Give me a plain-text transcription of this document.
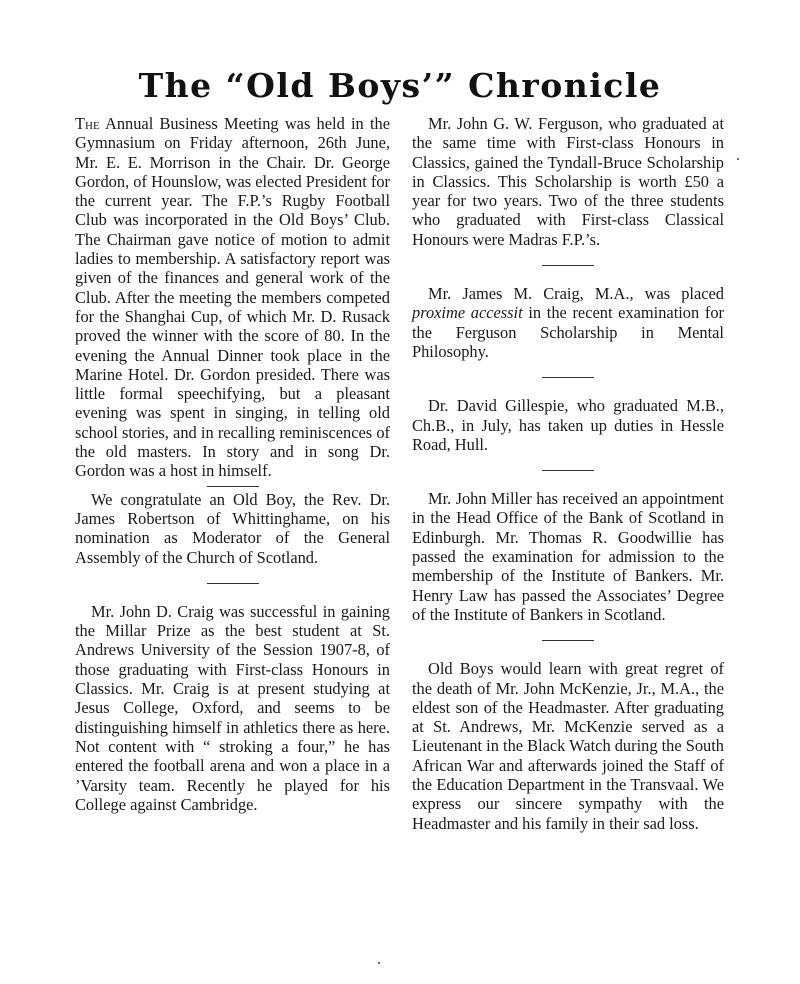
The “Old Boys’” Chronicle

The Annual Business Meeting was held in the Gymnasium on Friday afternoon, 26th June, Mr. E. E. Morrison in the Chair. Dr. George Gordon, of Hounslow, was elected President for the current year. The F.P.’s Rugby Football Club was incorporated in the Old Boys’ Club. The Chairman gave notice of motion to admit ladies to membership. A satisfactory report was given of the finances and general work of the Club. After the meeting the members competed for the Shanghai Cup, of which Mr. D. Rusack proved the winner with the score of 80. In the evening the Annual Dinner took place in the Marine Hotel. Dr. Gordon presided. There was little formal speechifying, but a pleasant evening was spent in singing, in telling old school stories, and in recalling reminiscences of the old masters. In story and in song Dr. Gordon was a host in himself.

We congratulate an Old Boy, the Rev. Dr. James Robertson of Whittinghame, on his nomination as Moderator of the General Assembly of the Church of Scotland.

Mr. John D. Craig was successful in gaining the Millar Prize as the best student at St. Andrews University of the Session 1907-8, of those graduating with First-class Honours in Classics. Mr. Craig is at present studying at Jesus College, Oxford, and seems to be distinguishing himself in athletics there as here. Not content with “ stroking a four,” he has entered the football arena and won a place in a ’Varsity team. Recently he played for his College against Cambridge.

Mr. John G. W. Ferguson, who graduated at the same time with First-class Honours in Classics, gained the Tyndall-Bruce Scholarship in Classics. This Scholarship is worth £50 a year for two years. Two of the three students who graduated with First-class Classical Honours were Madras F.P.’s.

Mr. James M. Craig, M.A., was placed proxime accessit in the recent examination for the Ferguson Scholarship in Mental Philosophy.

Dr. David Gillespie, who graduated M.B., Ch.B., in July, has taken up duties in Hessle Road, Hull.

Mr. John Miller has received an appointment in the Head Office of the Bank of Scotland in Edinburgh. Mr. Thomas R. Goodwillie has passed the examination for admission to the membership of the Institute of Bankers. Mr. Henry Law has passed the Associates’ Degree of the Institute of Bankers in Scotland.

Old Boys would learn with great regret of the death of Mr. John McKenzie, Jr., M.A., the eldest son of the Headmaster. After graduating at St. Andrews, Mr. McKenzie served as a Lieutenant in the Black Watch during the South African War and afterwards joined the Staff of the Education Department in the Transvaal. We express our sincere sympathy with the Headmaster and his family in their sad loss.
